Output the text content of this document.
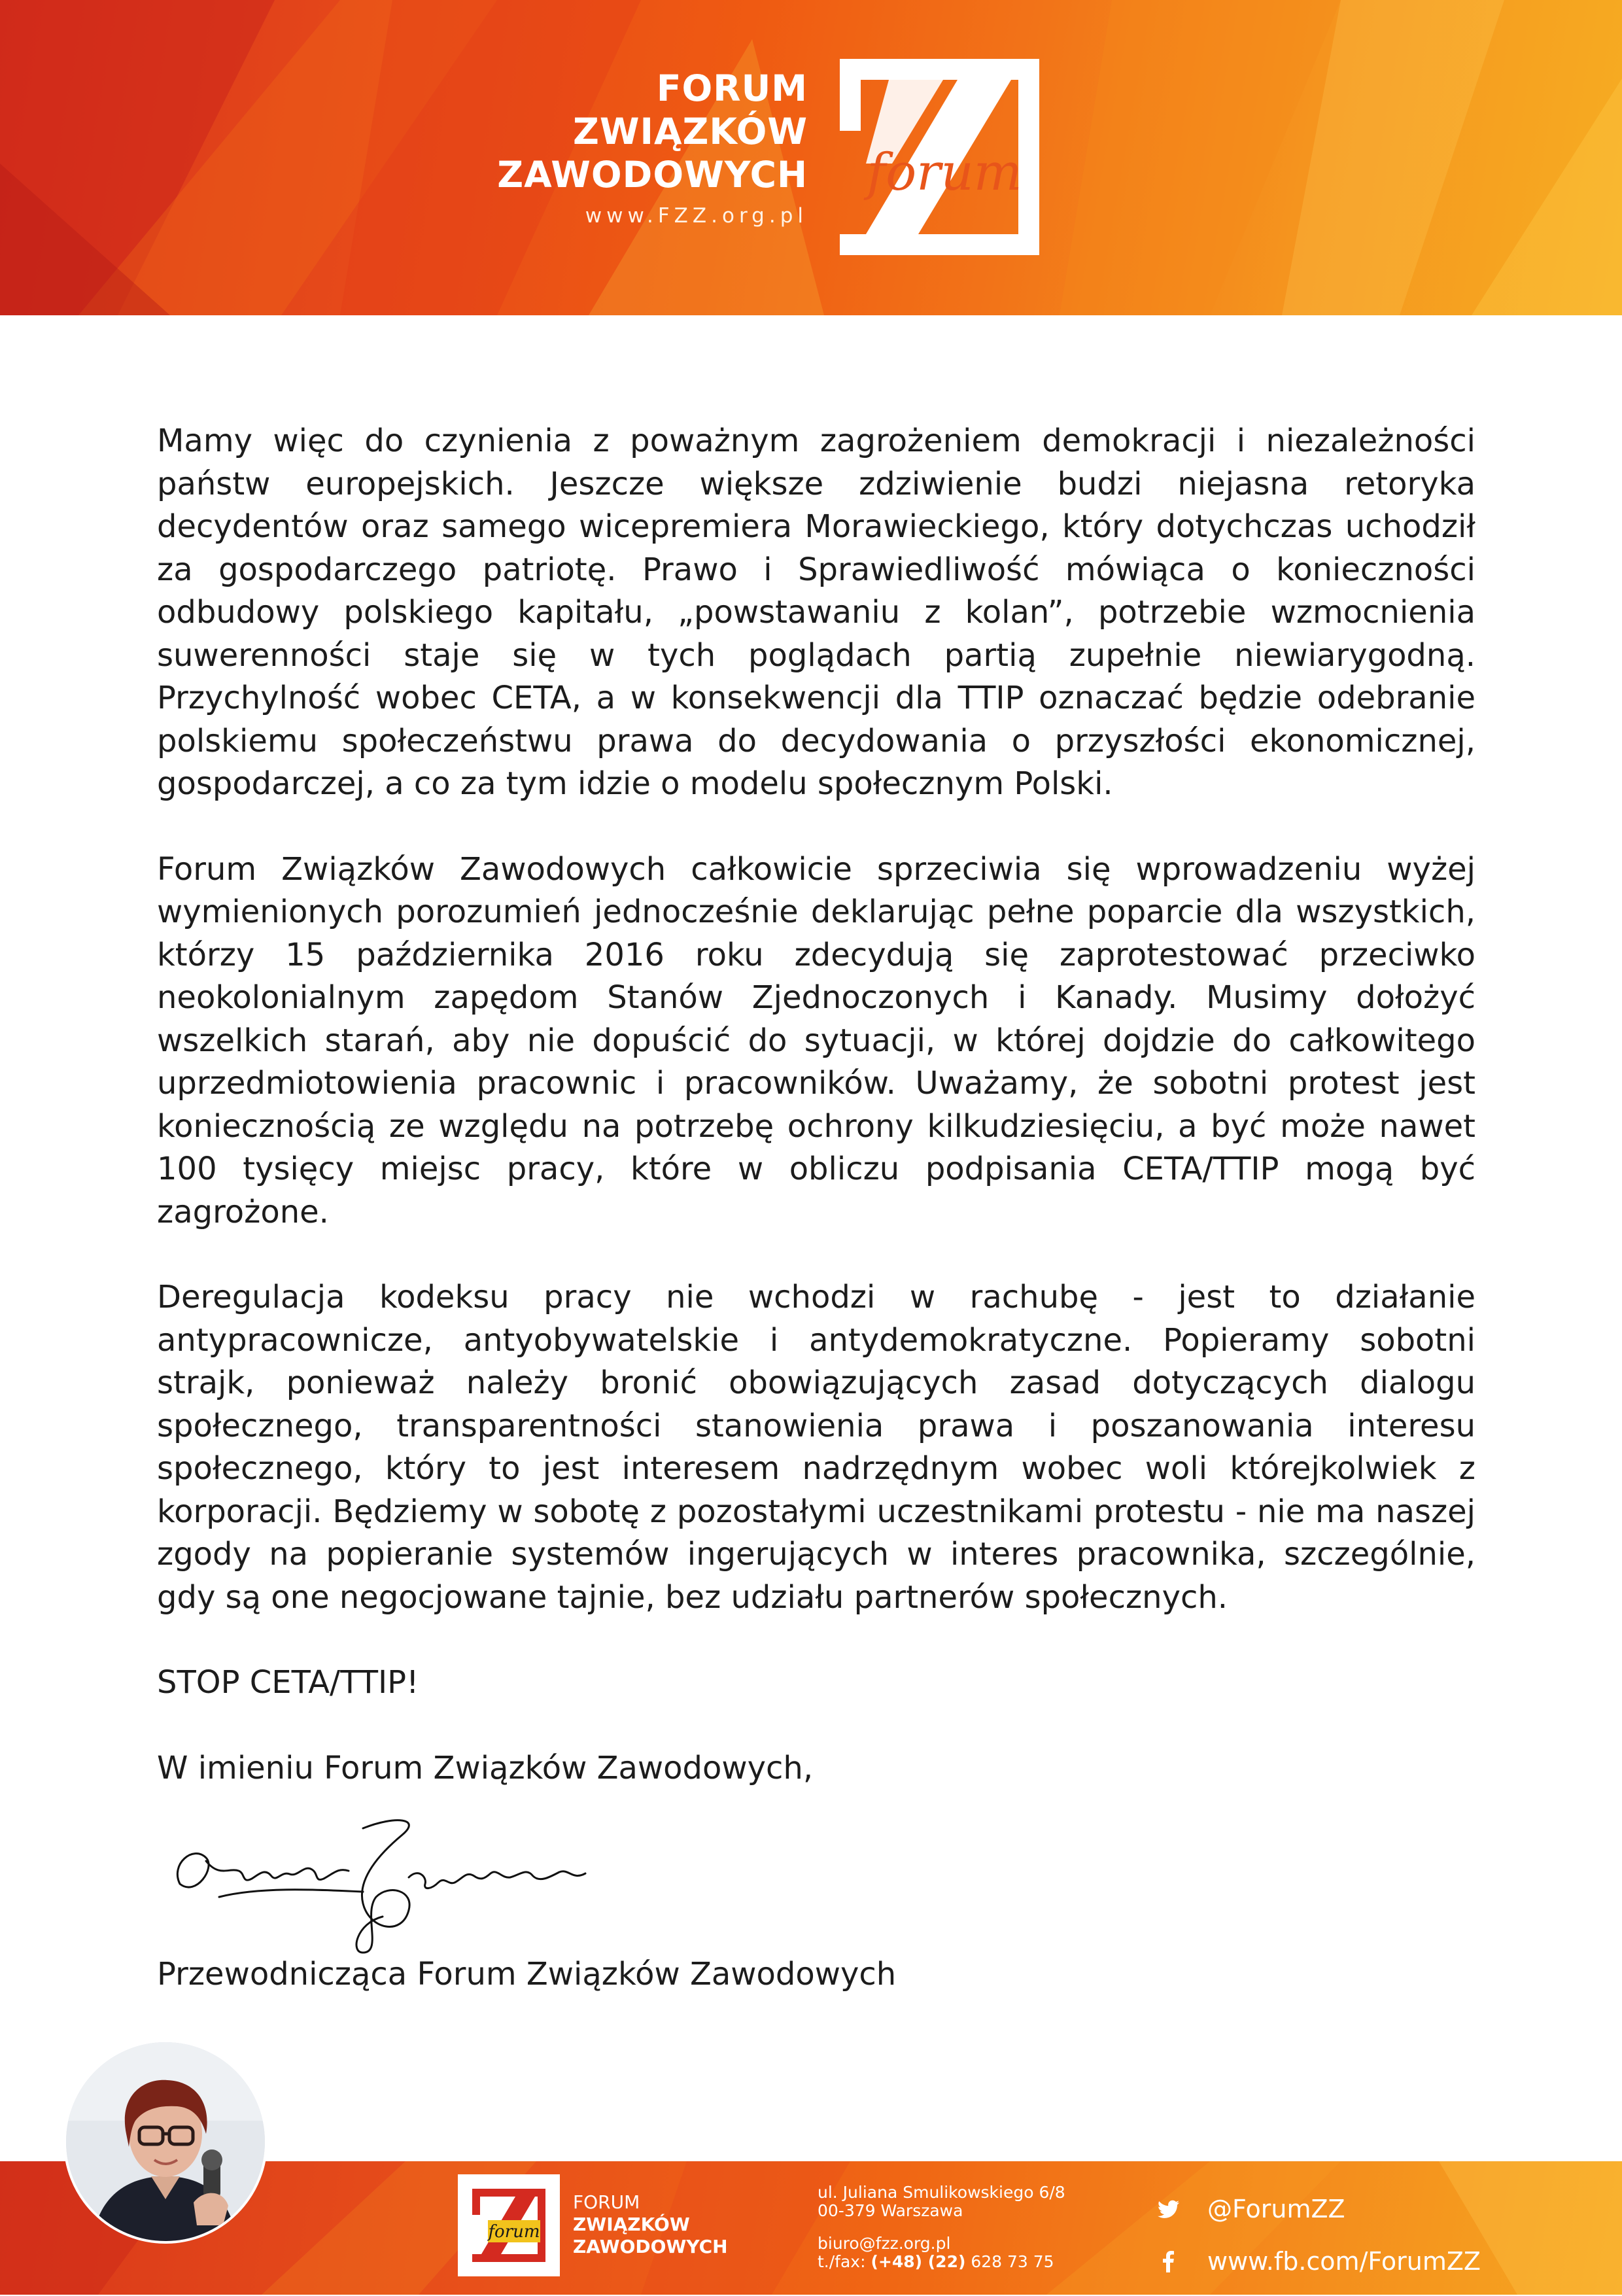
FORUM
ZWIĄZKÓW
ZAWODOWYCH
www.FZZ.org.pl
forum

Mamy więc do czynienia z poważnym zagrożeniem demokracji i niezależności państw europejskich. Jeszcze większe zdziwienie budzi niejasna retoryka decydentów oraz samego wicepremiera Morawieckiego, który dotychczas uchodził za gospodarczego patriotę. Prawo i Sprawiedliwość mówiąca o konieczności odbudowy polskiego kapitału, „powstawaniu z kolan”, potrzebie wzmocnienia suwerenności staje się w tych poglądach partią zupełnie niewiarygodną. Przychylność wobec CETA, a w konsekwencji dla TTIP oznaczać będzie odebranie polskiemu społeczeństwu prawa do decydowania o przyszłości ekonomicznej, gospodarczej, a co za tym idzie o modelu społecznym Polski.

Forum Związków Zawodowych całkowicie sprzeciwia się wprowadzeniu wyżej wymienionych porozumień jednocześnie deklarując pełne poparcie dla wszystkich, którzy 15 października 2016 roku zdecydują się zaprotestować przeciwko neokolonialnym zapędom Stanów Zjednoczonych i Kanady. Musimy dołożyć wszelkich starań, aby nie dopuścić do sytuacji, w której dojdzie do całkowitego uprzedmiotowienia pracownic i pracowników. Uważamy, że sobotni protest jest koniecznością ze względu na potrzebę ochrony kilkudziesięciu, a być może nawet 100 tysięcy miejsc pracy, które w obliczu podpisania CETA/TTIP mogą być zagrożone.

Deregulacja kodeksu pracy nie wchodzi w rachubę - jest to działanie antypracownicze, antyobywatelskie i antydemokratyczne. Popieramy sobotni strajk, ponieważ należy bronić obowiązujących zasad dotyczących dialogu społecznego, transparentności stanowienia prawa i poszanowania interesu społecznego, który to jest interesem nadrzędnym wobec woli którejkolwiek z korporacji. Będziemy w sobotę z pozostałymi uczestnikami protestu - nie ma naszej zgody na popieranie systemów ingerujących w interes pracownika, szczególnie, gdy są one negocjowane tajnie, bez udziału partnerów społecznych.

STOP CETA/TTIP!

W imieniu Forum Związków Zawodowych,

Przewodnicząca Forum Związków Zawodowych
forum
FORUM
ZWIĄZKÓW
ZAWODOWYCH
ul. Juliana Smulikowskiego 6/8
00-379 Warszawa
biuro@fzz.org.pl
t./fax: (+48) (22) 628 73 75
@ForumZZ
www.fb.com/ForumZZ
